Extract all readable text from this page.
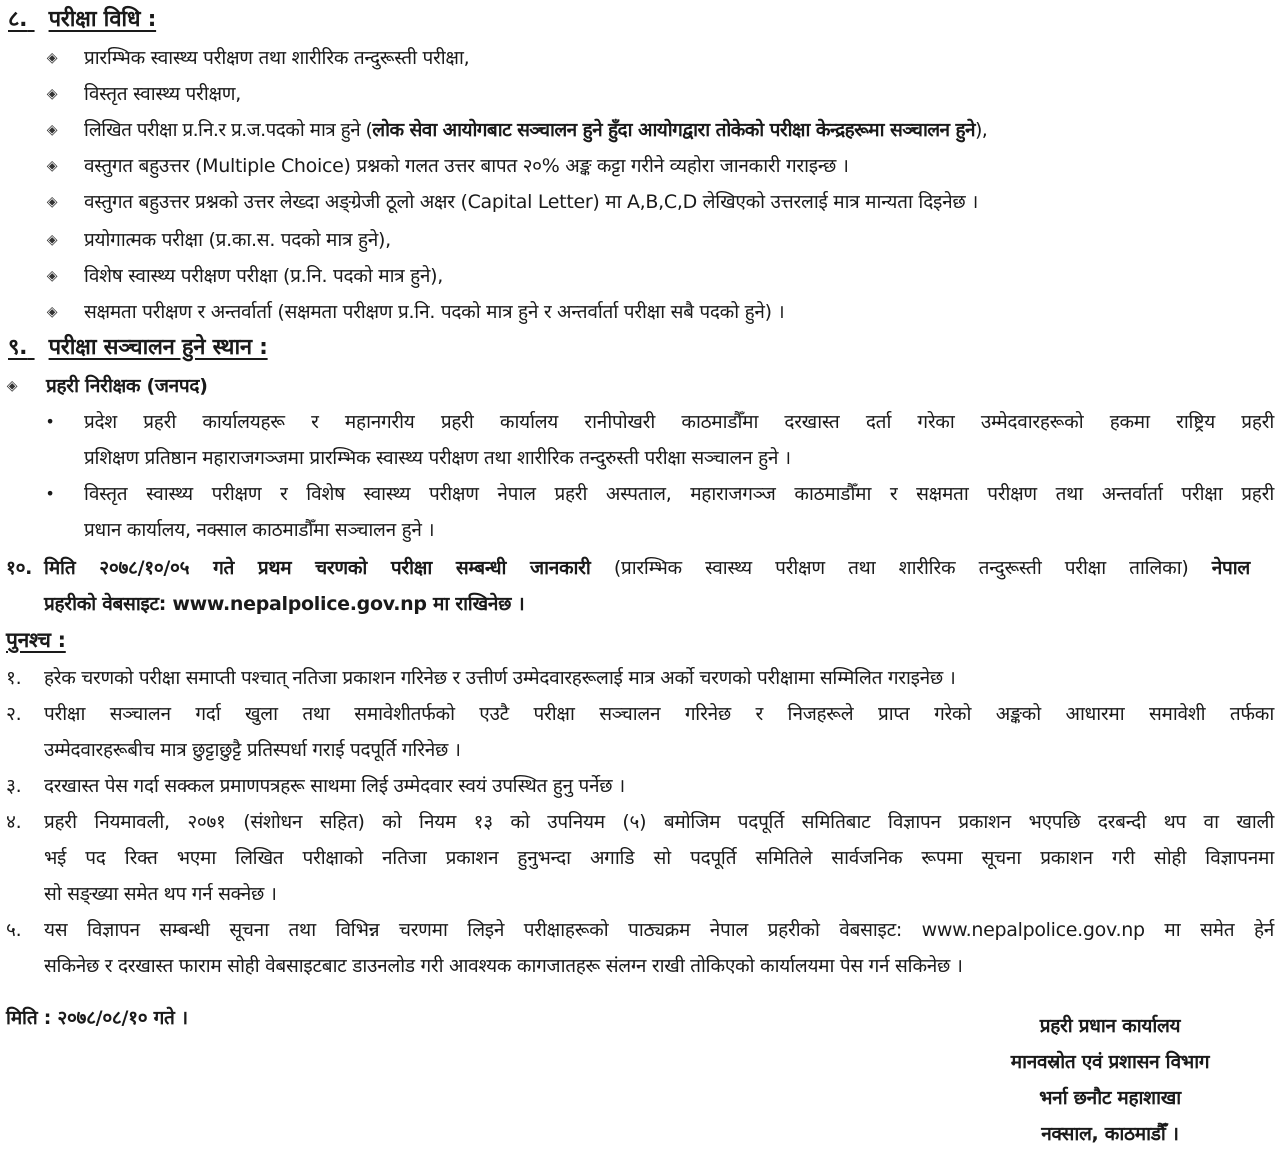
८. परीक्षा विधि :
◈ प्रारम्भिक स्वास्थ्य परीक्षण तथा शारीरिक तन्दुरूस्ती परीक्षा,
◈ विस्तृत स्वास्थ्य परीक्षण,
◈ लिखित परीक्षा प्र.नि.र प्र.ज.पदको मात्र हुने (लोक सेवा आयोगबाट सञ्चालन हुने हुँदा आयोगद्वारा तोकेको परीक्षा केन्द्रहरूमा सञ्चालन हुने),
◈ वस्तुगत बहुउत्तर (Multiple Choice) प्रश्नको गलत उत्तर बापत २०% अङ्क कट्टा गरीने व्यहोरा जानकारी गराइन्छ ।
◈ वस्तुगत बहुउत्तर प्रश्नको उत्तर लेख्दा अङ्ग्रेजी ठूलो अक्षर (Capital Letter) मा A,B,C,D लेखिएको उत्तरलाई मात्र मान्यता दिइनेछ ।
◈ प्रयोगात्मक परीक्षा (प्र.का.स. पदको मात्र हुने),
◈ विशेष स्वास्थ्य परीक्षण परीक्षा (प्र.नि. पदको मात्र हुने),
◈ सक्षमता परीक्षण र अन्तर्वार्ता (सक्षमता परीक्षण प्र.नि. पदको मात्र हुने र अन्तर्वार्ता परीक्षा सबै पदको हुने) ।
९. परीक्षा सञ्चालन हुने स्थान :
◈ प्रहरी निरीक्षक (जनपद)
• प्रदेश प्रहरी कार्यालयहरू र महानगरीय प्रहरी कार्यालय रानीपोखरी काठमाडौँमा दरखास्त दर्ता गरेका उम्मेदवारहरूको हकमा राष्ट्रिय प्रहरी
प्रशिक्षण प्रतिष्ठान महाराजगञ्जमा प्रारम्भिक स्वास्थ्य परीक्षण तथा शारीरिक तन्दुरुस्ती परीक्षा सञ्चालन हुने ।
• विस्तृत स्वास्थ्य परीक्षण र विशेष स्वास्थ्य परीक्षण नेपाल प्रहरी अस्पताल, महाराजगञ्ज काठमाडौँमा र सक्षमता परीक्षण तथा अन्तर्वार्ता परीक्षा प्रहरी
प्रधान कार्यालय, नक्साल काठमाडौँमा सञ्चालन हुने ।
१०. मिति २०७८/१०/०५ गते प्रथम चरणको परीक्षा सम्बन्धी जानकारी (प्रारम्भिक स्वास्थ्य परीक्षण तथा शारीरिक तन्दुरूस्ती परीक्षा तालिका) नेपाल
प्रहरीको वेबसाइट: www.nepalpolice.gov.np मा राखिनेछ ।
पुनश्च :
१. हरेक चरणको परीक्षा समाप्ती पश्चात् नतिजा प्रकाशन गरिनेछ र उत्तीर्ण उम्मेदवारहरूलाई मात्र अर्को चरणको परीक्षामा सम्मिलित गराइनेछ ।
२. परीक्षा सञ्चालन गर्दा खुला तथा समावेशीतर्फको एउटै परीक्षा सञ्चालन गरिनेछ र निजहरूले प्राप्त गरेको अङ्कको आधारमा समावेशी तर्फका
उम्मेदवारहरूबीच मात्र छुट्टाछुट्टै प्रतिस्पर्धा गराई पदपूर्ति गरिनेछ ।
३. दरखास्त पेस गर्दा सक्कल प्रमाणपत्रहरू साथमा लिई उम्मेदवार स्वयं उपस्थित हुनु पर्नेछ ।
४. प्रहरी नियमावली, २०७१ (संशोधन सहित) को नियम १३ को उपनियम (५) बमोजिम पदपूर्ति समितिबाट विज्ञापन प्रकाशन भएपछि दरबन्दी थप वा खाली
भई पद रिक्त भएमा लिखित परीक्षाको नतिजा प्रकाशन हुनुभन्दा अगाडि सो पदपूर्ति समितिले सार्वजनिक रूपमा सूचना प्रकाशन गरी सोही विज्ञापनमा
सो सङ्ख्या समेत थप गर्न सक्नेछ ।
५. यस विज्ञापन सम्बन्धी सूचना तथा विभिन्न चरणमा लिइने परीक्षाहरूको पाठ्यक्रम नेपाल प्रहरीको वेबसाइट: www.nepalpolice.gov.np मा समेत हेर्न
सकिनेछ र दरखास्त फाराम सोही वेबसाइटबाट डाउनलोड गरी आवश्यक कागजातहरू संलग्न राखी तोकिएको कार्यालयमा पेस गर्न सकिनेछ ।
मिति : २०७८/०८/१० गते ।	प्रहरी प्रधान कार्यालय
मानवस्रोत एवं प्रशासन विभाग
भर्ना छनौट महाशाखा
नक्साल, काठमाडौँ ।
